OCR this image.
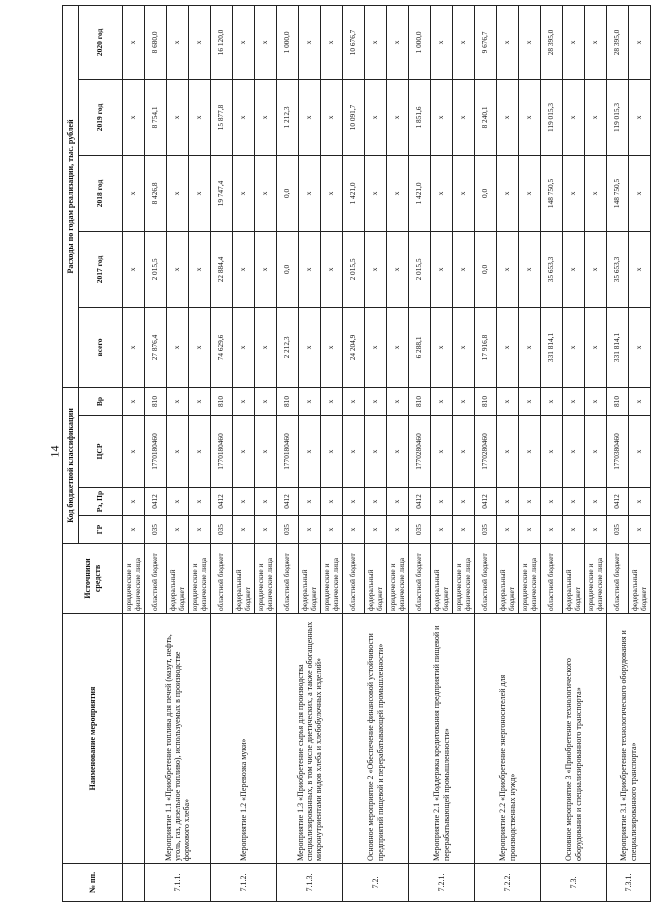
14
№ пп.	Наименование мероприятия	Источники средств	Код бюджетной классификации				Расходы по годам реализации, тыс. рублей				
			ГР	Рз, Пр	ЦСР	Вр	всего	2017 год	2018 год	2019 год	2020 год
		юридические и физические лица	x	x	x	x	x	x	x	x	x
7.1.1.	Мероприятие 1.1 «Приобретение топлива для печей (мазут, нефть, уголь, газ, дизельное топливо), используемых в производстве формового хлеба»	областной бюджет	035	0412	1770180460	810	27 876,4	2 015,5	8 426,8	8 754,1	8 680,0
		федеральный бюджет	x	x	x	x	x	x	x	x	x
		юридические и физические лица	x	x	x	x	x	x	x	x	x
7.1.2.	Мероприятие 1.2 «Перевозка муки»	областной бюджет	035	0412	1770180460	810	74 629,6	22 884,4	19 747,4	15 877,8	16 120,0
		федеральный бюджет	x	x	x	x	x	x	x	x	x
		юридические и физические лица	x	x	x	x	x	x	x	x	x
7.1.3.	Мероприятие 1.3 «Приобретение сырья для производства специализированных, в том числе диетических, а также обогащенных микронутриентами видов хлеба и хлебобулочных изделий»	областной бюджет	035	0412	1770180460	810	2 212,3	0,0	0,0	1 212,3	1 000,0
		федеральный бюджет	x	x	x	x	x	x	x	x	x
		юридические и физические лица	x	x	x	x	x	x	x	x	x
7.2.	Основное мероприятие 2 «Обеспечение финансовой устойчивости предприятий пищевой и перерабатывающей промышленности»	областной бюджет	x	x	x	x	24 204,9	2 015,5	1 421,0	10 091,7	10 676,7
		федеральный бюджет	x	x	x	x	x	x	x	x	x
		юридические и физические лица	x	x	x	x	x	x	x	x	x
7.2.1.	Мероприятие 2.1 «Поддержка кредитования предприятий пищевой и перерабатывающей промышленности»	областной бюджет	035	0412	1770280460	810	6 288,1	2 015,5	1 421,0	1 851,6	1 000,0
		федеральный бюджет	x	x	x	x	x	x	x	x	x
		юридические и физические лица	x	x	x	x	x	x	x	x	x
7.2.2.	Мероприятие 2.2 «Приобретение энергоносителей для производственных нужд»	областной бюджет	035	0412	1770280460	810	17 916,8	0,0	0,0	8 240,1	9 676,7
		федеральный бюджет	x	x	x	x	x	x	x	x	x
		юридические и физические лица	x	x	x	x	x	x	x	x	x
7.3.	Основное мероприятие 3 «Приобретение технологического оборудования и специализированного транспорта»	областной бюджет	x	x	x	x	331 814,1	35 653,3	148 750,5	119 015,3	28 395,0
		федеральный бюджет	x	x	x	x	x	x	x	x	x
		юридические и физические лица	x	x	x	x	x	x	x	x	x
7.3.1.	Мероприятие 3.1 «Приобретение технологического оборудования и специализированного транспорта»	областной бюджет	035	0412	1770380460	810	331 814,1	35 653,3	148 750,5	119 015,3	28 395,0
		федеральный бюджет	x	x	x	x	x	x	x	x	x
